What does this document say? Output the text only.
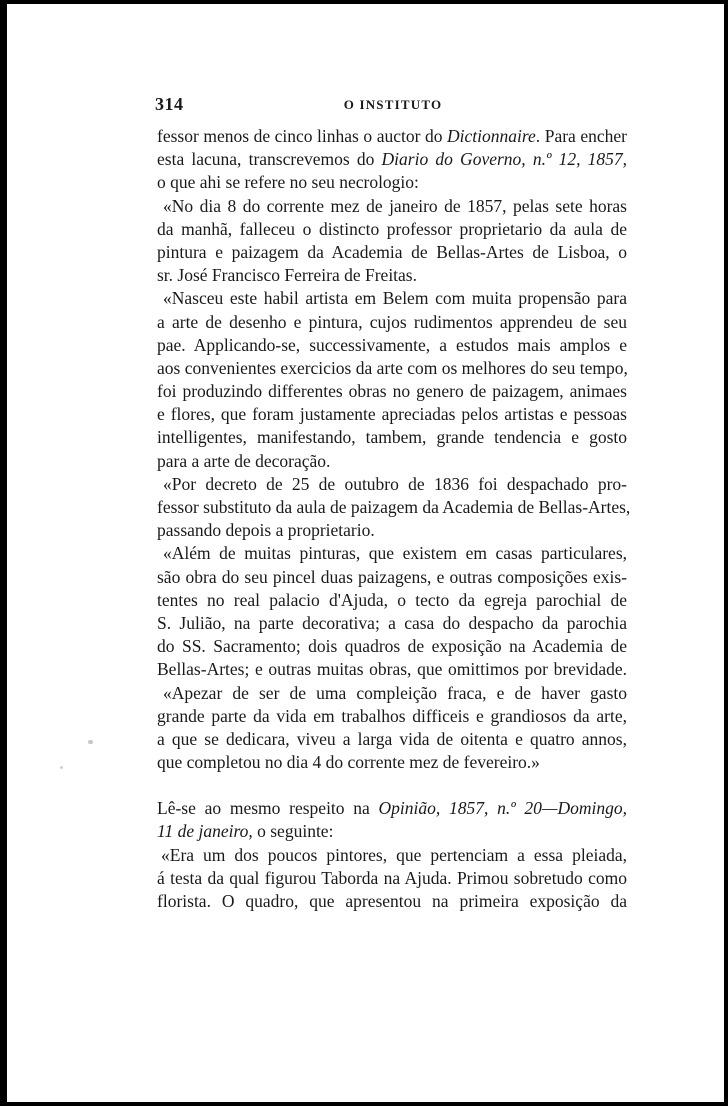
314	O INSTITUTO
fessor menos de cinco linhas o auctor do Dictionnaire. Para encher
esta lacuna, transcrevemos do Diario do Governo, n.º 12, 1857,
o que ahi se refere no seu necrologio:
«No dia 8 do corrente mez de janeiro de 1857, pelas sete horas
da manhã, falleceu o distincto professor proprietario da aula de
pintura e paizagem da Academia de Bellas-Artes de Lisboa, o
sr. José Francisco Ferreira de Freitas.
«Nasceu este habil artista em Belem com muita propensão para
a arte de desenho e pintura, cujos rudimentos apprendeu de seu
pae. Applicando-se, successivamente, a estudos mais amplos e
aos convenientes exercicios da arte com os melhores do seu tempo,
foi produzindo differentes obras no genero de paizagem, animaes
e flores, que foram justamente apreciadas pelos artistas e pessoas
intelligentes, manifestando, tambem, grande tendencia e gosto
para a arte de decoração.
«Por decreto de 25 de outubro de 1836 foi despachado pro-
fessor substituto da aula de paizagem da Academia de Bellas-Artes,
passando depois a proprietario.
«Além de muitas pinturas, que existem em casas particulares,
são obra do seu pincel duas paizagens, e outras composições exis-
tentes no real palacio d'Ajuda, o tecto da egreja parochial de
S. Julião, na parte decorativa; a casa do despacho da parochia
do SS. Sacramento; dois quadros de exposição na Academia de
Bellas-Artes; e outras muitas obras, que omittimos por brevidade.
«Apezar de ser de uma compleição fraca, e de haver gasto
grande parte da vida em trabalhos difficeis e grandiosos da arte,
a que se dedicara, viveu a larga vida de oitenta e quatro annos,
que completou no dia 4 do corrente mez de fevereiro.»
Lê-se ao mesmo respeito na Opinião, 1857, n.º 20—Domingo,
11 de janeiro, o seguinte:
«Era um dos poucos pintores, que pertenciam a essa pleiada,
á testa da qual figurou Taborda na Ajuda. Primou sobretudo como
florista. O quadro, que apresentou na primeira exposição da
